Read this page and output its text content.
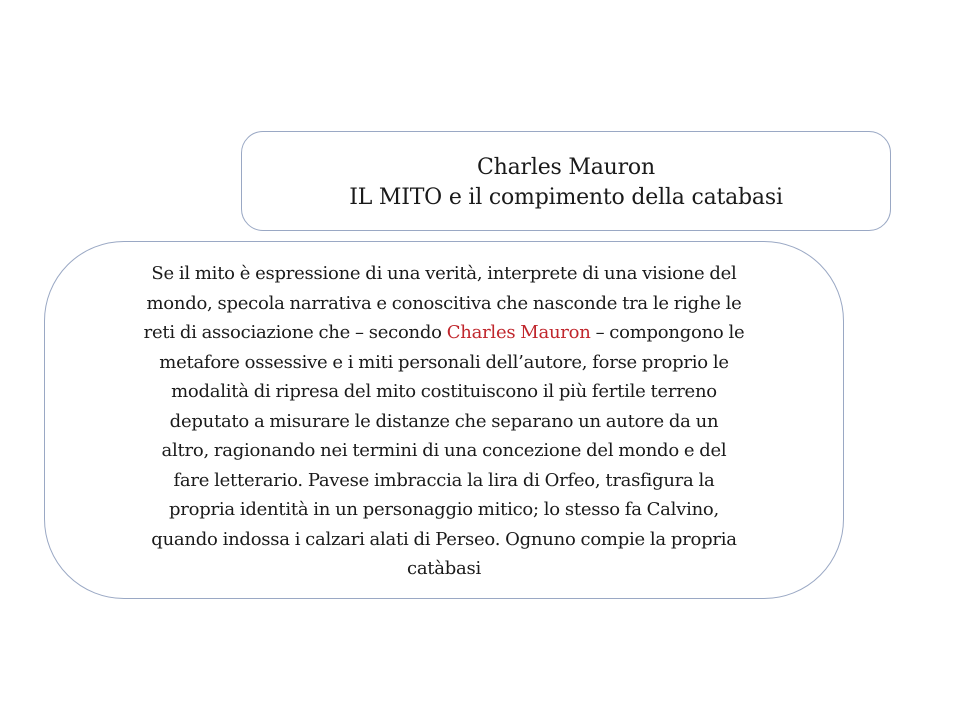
Charles Mauron
IL MITO e il compimento della catabasi
Se il mito è espressione di una verità, interprete di una visione del
mondo, specola narrativa e conoscitiva che nasconde tra le righe le
reti di associazione che – secondo Charles Mauron – compongono le
metafore ossessive e i miti personali dell’autore, forse proprio le
modalità di ripresa del mito costituiscono il più fertile terreno
deputato a misurare le distanze che separano un autore da un
altro, ragionando nei termini di una concezione del mondo e del
fare letterario. Pavese imbraccia la lira di Orfeo, trasfigura la
propria identità in un personaggio mitico; lo stesso fa Calvino,
quando indossa i calzari alati di Perseo. Ognuno compie la propria
catàbasi
